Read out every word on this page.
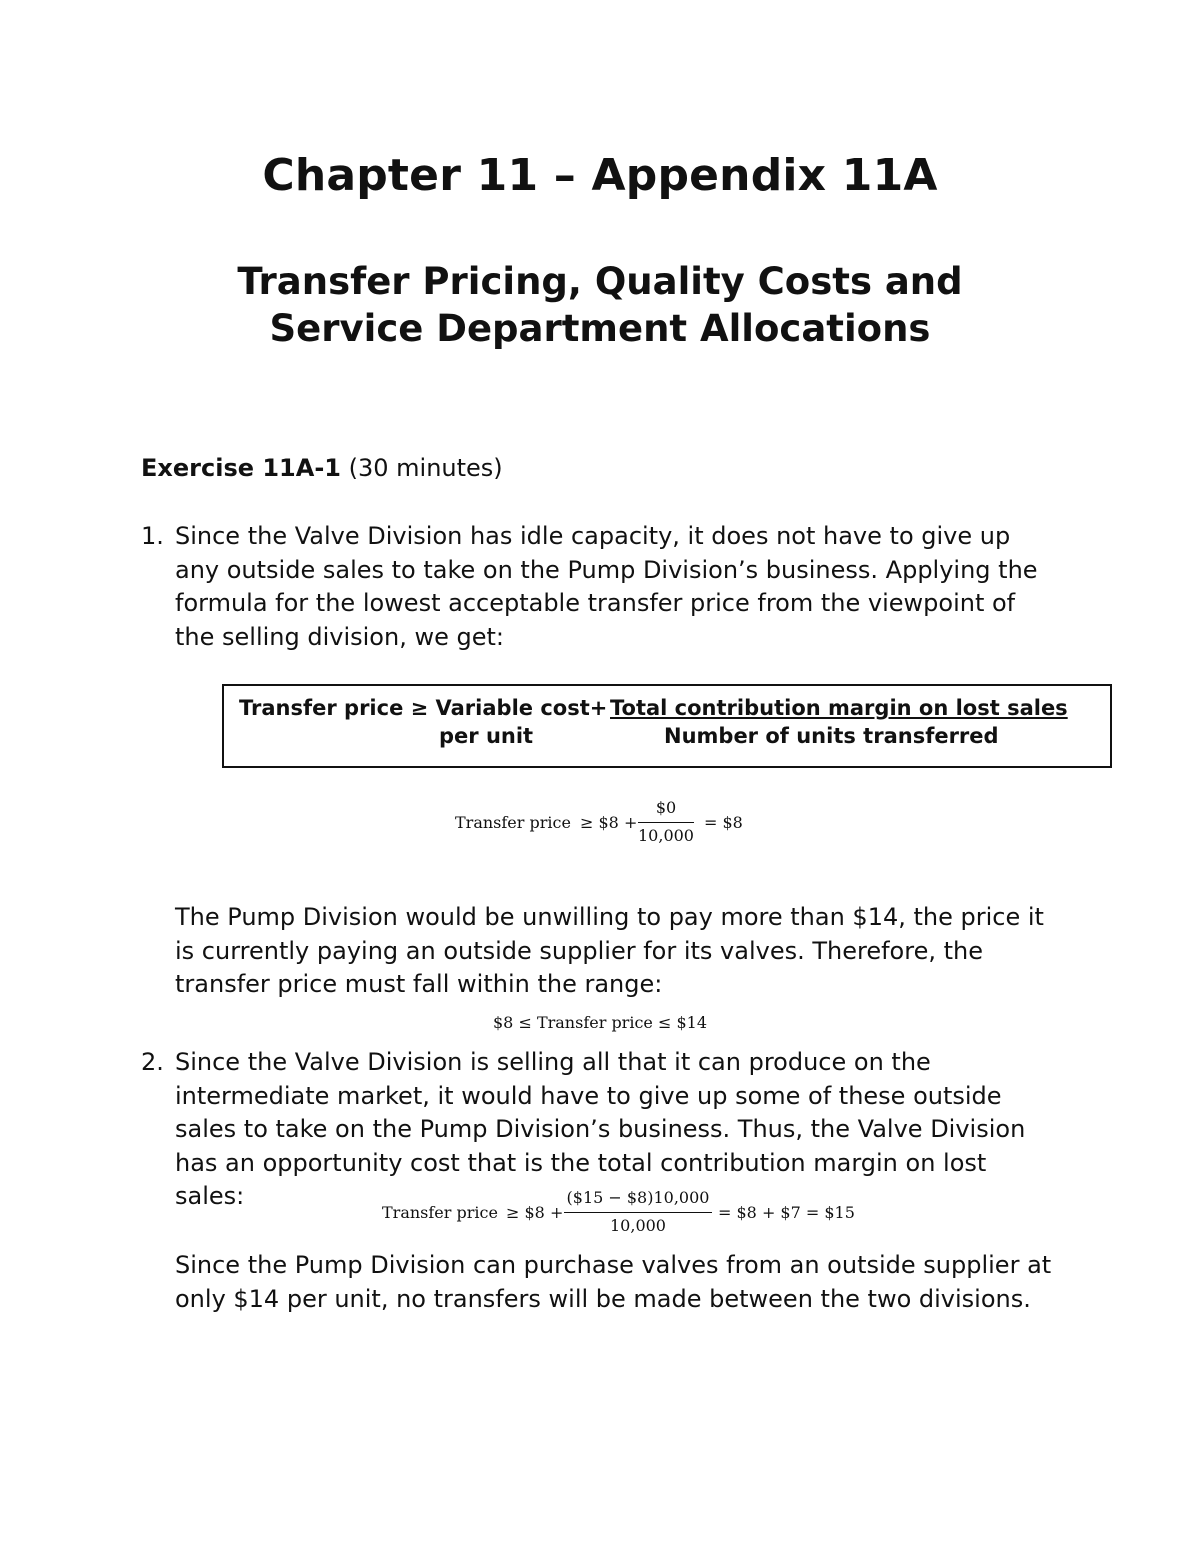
Chapter 11 – Appendix 11A
Transfer Pricing, Quality Costs and
Service Department Allocations
Exercise 11A-1 (30 minutes)
1. Since the Valve Division has idle capacity, it does not have to give up any outside sales to take on the Pump Division’s business. Applying the formula for the lowest acceptable transfer price from the viewpoint of the selling division, we get:
Transfer price ≥ Variable cost+ Total contribution margin on lost sales
per unit	Number of units transferred
Transfer price ≥ $8 +
$0
10,000
= $8
The Pump Division would be unwilling to pay more than $14, the price it is currently paying an outside supplier for its valves. Therefore, the transfer price must fall within the range:
$8 ≤ Transfer price ≤ $14
2. Since the Valve Division is selling all that it can produce on the intermediate market, it would have to give up some of these outside sales to take on the Pump Division’s business. Thus, the Valve Division has an opportunity cost that is the total contribution margin on lost sales:
Transfer price ≥ $8 +
($15 − $8)10,000
10,000
= $8 + $7 = $15
Since the Pump Division can purchase valves from an outside supplier at only $14 per unit, no transfers will be made between the two divisions.
